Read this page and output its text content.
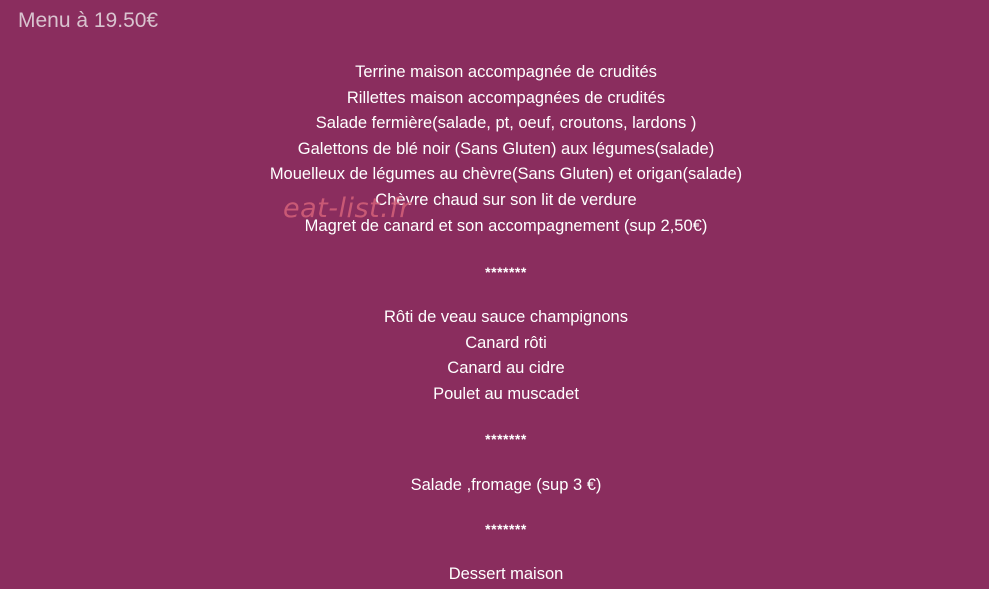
Menu à 19.50€
Terrine maison accompagnée de crudités
Rillettes maison accompagnées de crudités
Salade fermière(salade, pt, oeuf, croutons, lardons )
Galettons de blé noir (Sans Gluten) aux légumes(salade)
Mouelleux de légumes au chèvre(Sans Gluten) et origan(salade)
Chèvre chaud sur son lit de verdure
Magret de canard et son accompagnement (sup 2,50€)
*******
Rôti de veau sauce champignons
Canard rôti
Canard au cidre
Poulet au muscadet
*******
Salade ,fromage (sup 3 €)
*******
Dessert maison
eat-list.fr
